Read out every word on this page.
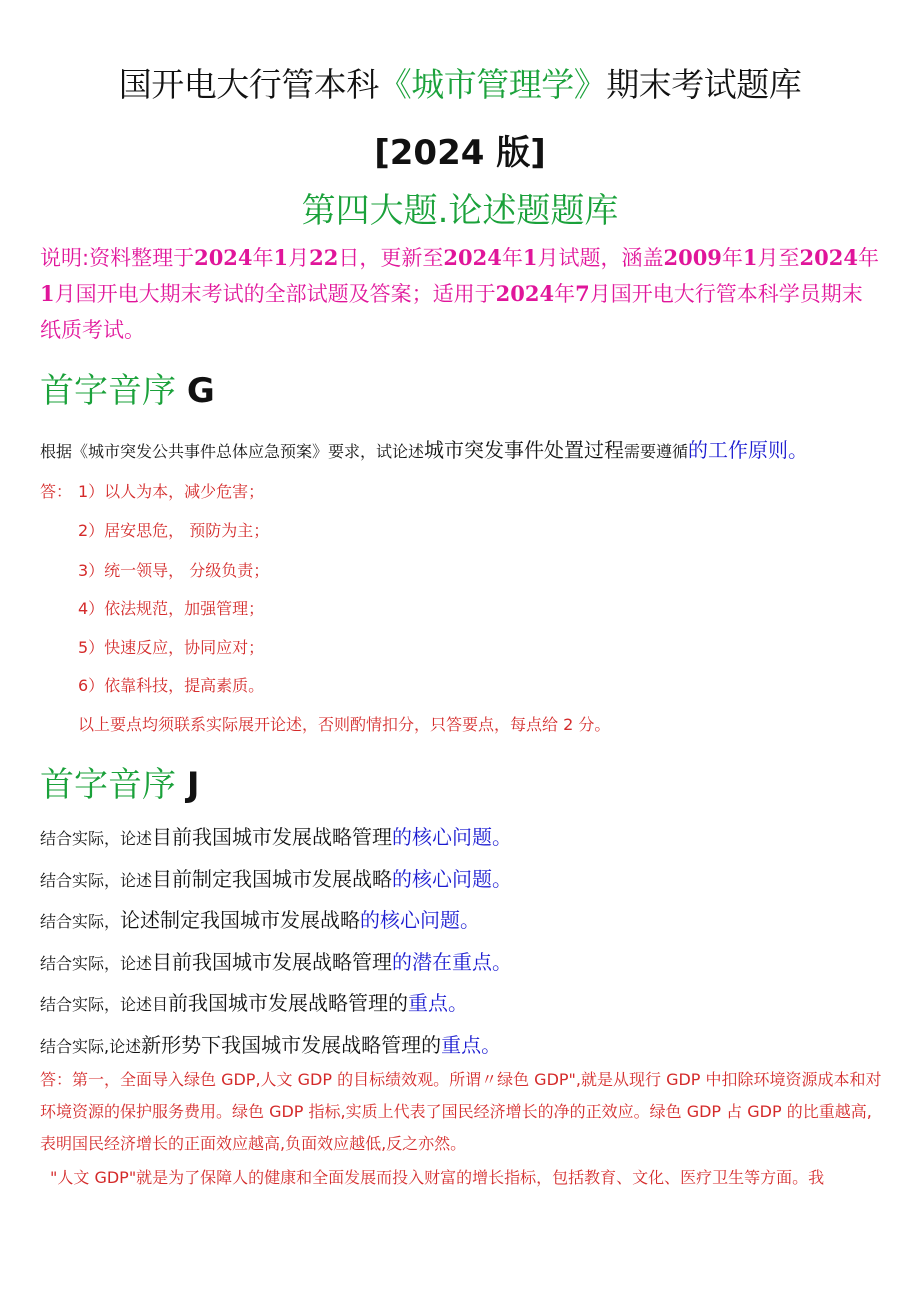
国开电大行管本科《城市管理学》期末考试题库
[2024 版]
第四大题.论述题题库
说明:资料整理于2024年1月22日，更新至2024年1月试题，涵盖2009年1月至2024年1月国开电大期末考试的全部试题及答案；适用于2024年7月国开电大行管本科学员期末纸质考试。
首字音序 G
根据《城市突发公共事件总体应急预案》要求，试论述城市突发事件处置过程需要遵循的工作原则。
答： 1）以人为本，减少危害；
2）居安思危， 预防为主；
3）统一领导， 分级负责；
4）依法规范，加强管理；
5）快速反应，协同应对；
6）依靠科技，提高素质。
以上要点均须联系实际展开论述，否则酌情扣分，只答要点，每点给 2 分。
首字音序 J
结合实际，论述目前我国城市发展战略管理的核心问题。
结合实际，论述目前制定我国城市发展战略的核心问题。
结合实际，论述制定我国城市发展战略的核心问题。
结合实际，论述目前我国城市发展战略管理的潜在重点。
结合实际，论述目前我国城市发展战略管理的重点。
结合实际,论述新形势下我国城市发展战略管理的重点。
答：第一，全面导入绿色 GDP,人文 GDP 的目标绩效观。所谓〃绿色 GDP",就是从现行 GDP 中扣除环境资源成本和对环境资源的保护服务费用。绿色 GDP 指标,实质上代表了国民经济增长的净的正效应。绿色 GDP 占 GDP 的比重越高,表明国民经济增长的正面效应越高,负面效应越低,反之亦然。
"人文 GDP"就是为了保障人的健康和全面发展而投入财富的增长指标，包括教育、文化、医疗卫生等方面。我
